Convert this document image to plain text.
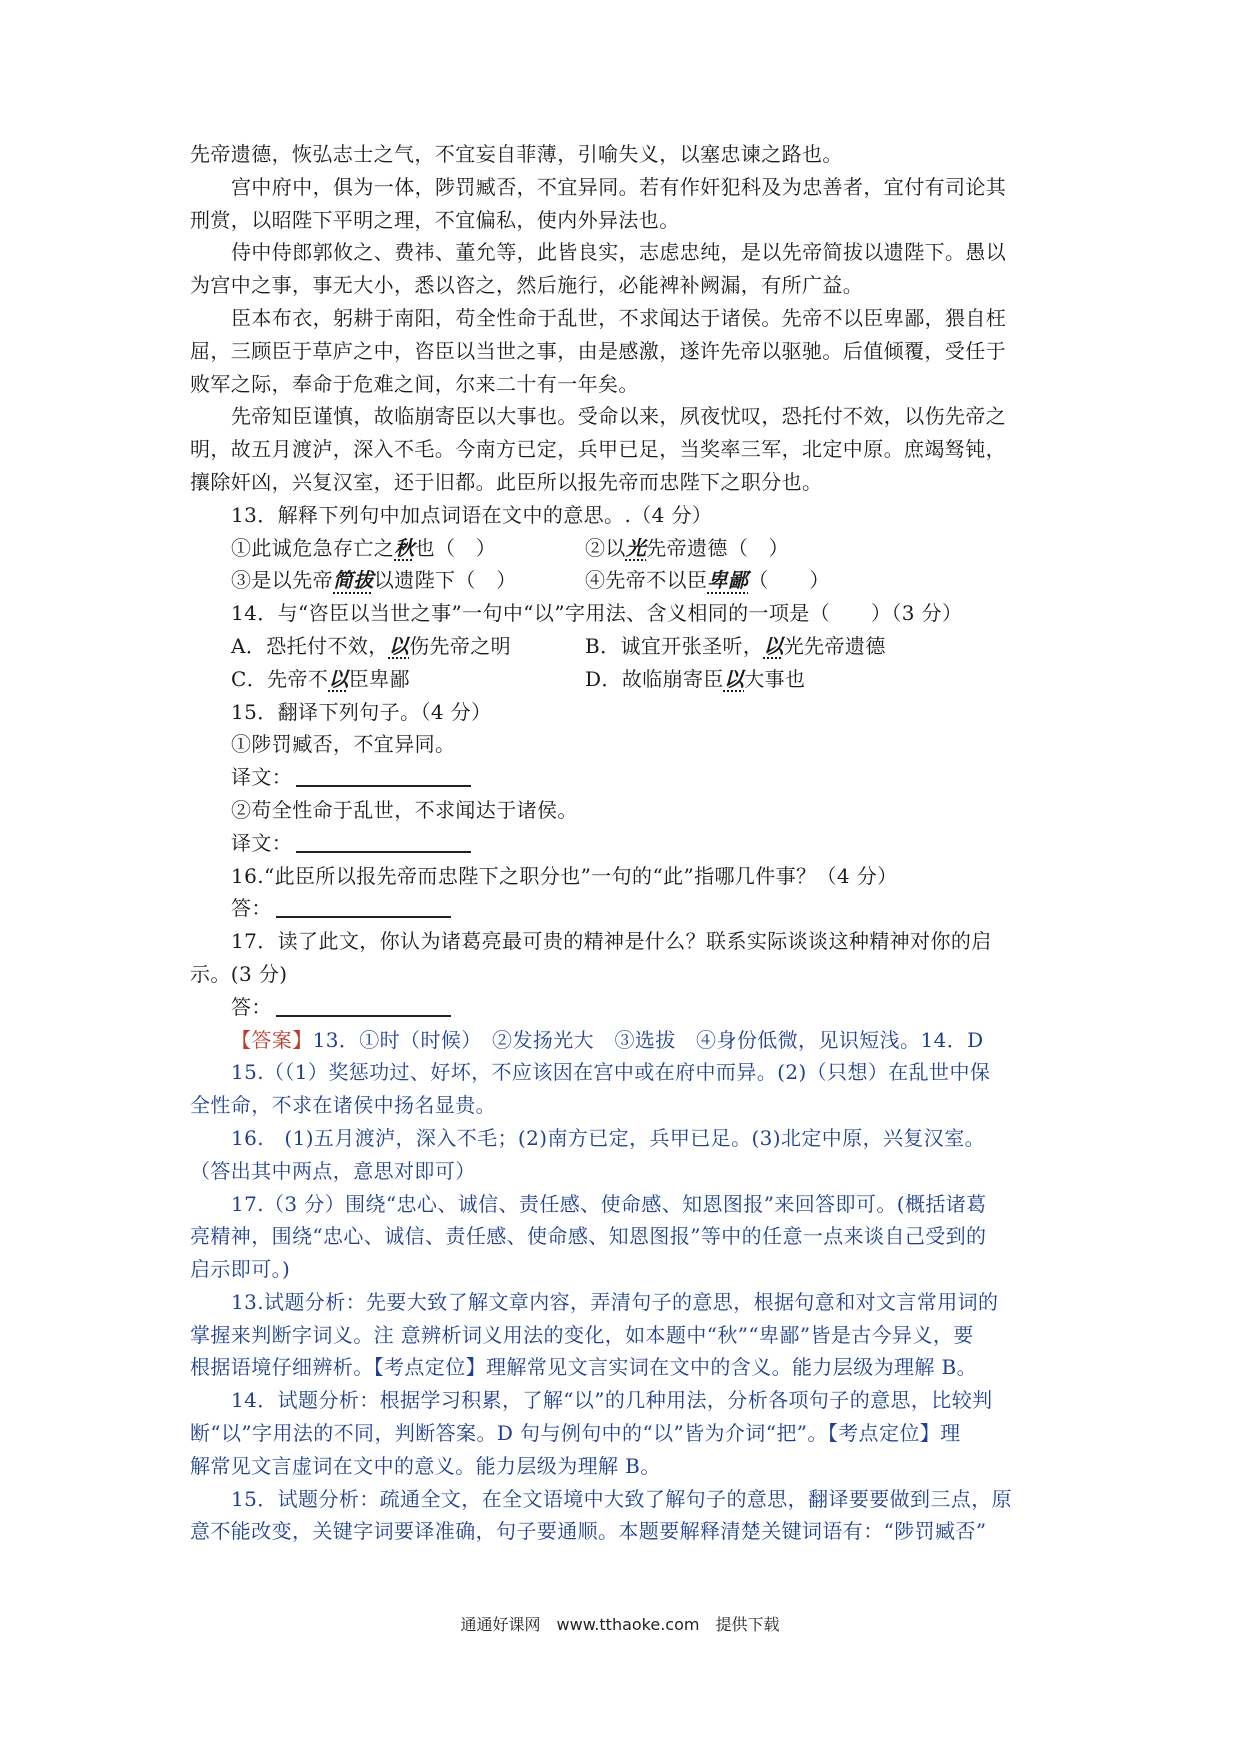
先帝遗德，恢弘志士之气，不宜妄自菲薄，引喻失义，以塞忠谏之路也。
宫中府中，俱为一体，陟罚臧否，不宜异同。若有作奸犯科及为忠善者，宜付有司论其
刑赏，以昭陛下平明之理，不宜偏私，使内外异法也。
侍中侍郎郭攸之、费祎、董允等，此皆良实，志虑忠纯，是以先帝简拔以遗陛下。愚以
为宫中之事，事无大小，悉以咨之，然后施行，必能裨补阙漏，有所广益。
臣本布衣，躬耕于南阳，苟全性命于乱世，不求闻达于诸侯。先帝不以臣卑鄙，猥自枉
屈，三顾臣于草庐之中，咨臣以当世之事，由是感激，遂许先帝以驱驰。后值倾覆，受任于
败军之际，奉命于危难之间，尔来二十有一年矣。
先帝知臣谨慎，故临崩寄臣以大事也。受命以来，夙夜忧叹，恐托付不效，以伤先帝之
明，故五月渡泸，深入不毛。今南方已定，兵甲已足，当奖率三军，北定中原。庶竭驽钝，
攘除奸凶，兴复汉室，还于旧都。此臣所以报先帝而忠陛下之职分也。
13．解释下列句中加点词语在文中的意思。.（4 分）
①此诚危急存亡之秋也（　）	②以光先帝遗德（　）
③是以先帝简拔以遗陛下（　）	④先帝不以臣卑鄙（　　）
14．与“咨臣以当世之事”一句中“以”字用法、含义相同的一项是（　　）（3 分）
A．恐托付不效，以伤先帝之明	B．诚宜开张圣听，以光先帝遗德
C．先帝不以臣卑鄙	D．故临崩寄臣以大事也
15．翻译下列句子。（4 分）
①陟罚臧否，不宜异同。
译文：
②苟全性命于乱世，不求闻达于诸侯。
译文：
16.“此臣所以报先帝而忠陛下之职分也”一句的“此”指哪几件事？（4 分）
答：
17．读了此文，你认为诸葛亮最可贵的精神是什么？联系实际谈谈这种精神对你的启
示。(3 分)
答：
【答案】13．①时（时候）　②发扬光大　③选拔　④身份低微，见识短浅。14．D
15.（（1）奖惩功过、好坏，不应该因在宫中或在府中而异。(2)（只想）在乱世中保
全性命，不求在诸侯中扬名显贵。
16.　(1)五月渡泸，深入不毛；(2)南方已定，兵甲已足。(3)北定中原，兴复汉室。
（答出其中两点，意思对即可）
17.（3 分）围绕“忠心、诚信、责任感、使命感、知恩图报”来回答即可。(概括诸葛
亮精神，围绕“忠心、诚信、责任感、使命感、知恩图报”等中的任意一点来谈自己受到的
启示即可。)
13.试题分析：先要大致了解文章内容，弄清句子的意思，根据句意和对文言常用词的
掌握来判断字词义。注 意辨析词义用法的变化，如本题中“秋”“卑鄙”皆是古今异义，要
根据语境仔细辨析。【考点定位】理解常见文言实词在文中的含义。能力层级为理解 B。
14．试题分析：根据学习积累，了解“以”的几种用法，分析各项句子的意思，比较判
断“以”字用法的不同，判断答案。D 句与例句中的“以”皆为介词“把”。【考点定位】理
解常见文言虚词在文中的意义。能力层级为理解 B。
15．试题分析：疏通全文，在全文语境中大致了解句子的意思，翻译要要做到三点，原
意不能改变，关键字词要译准确，句子要通顺。本题要解释清楚关键词语有：“陟罚臧否”
通通好课网　www.tthaoke.com　提供下载
